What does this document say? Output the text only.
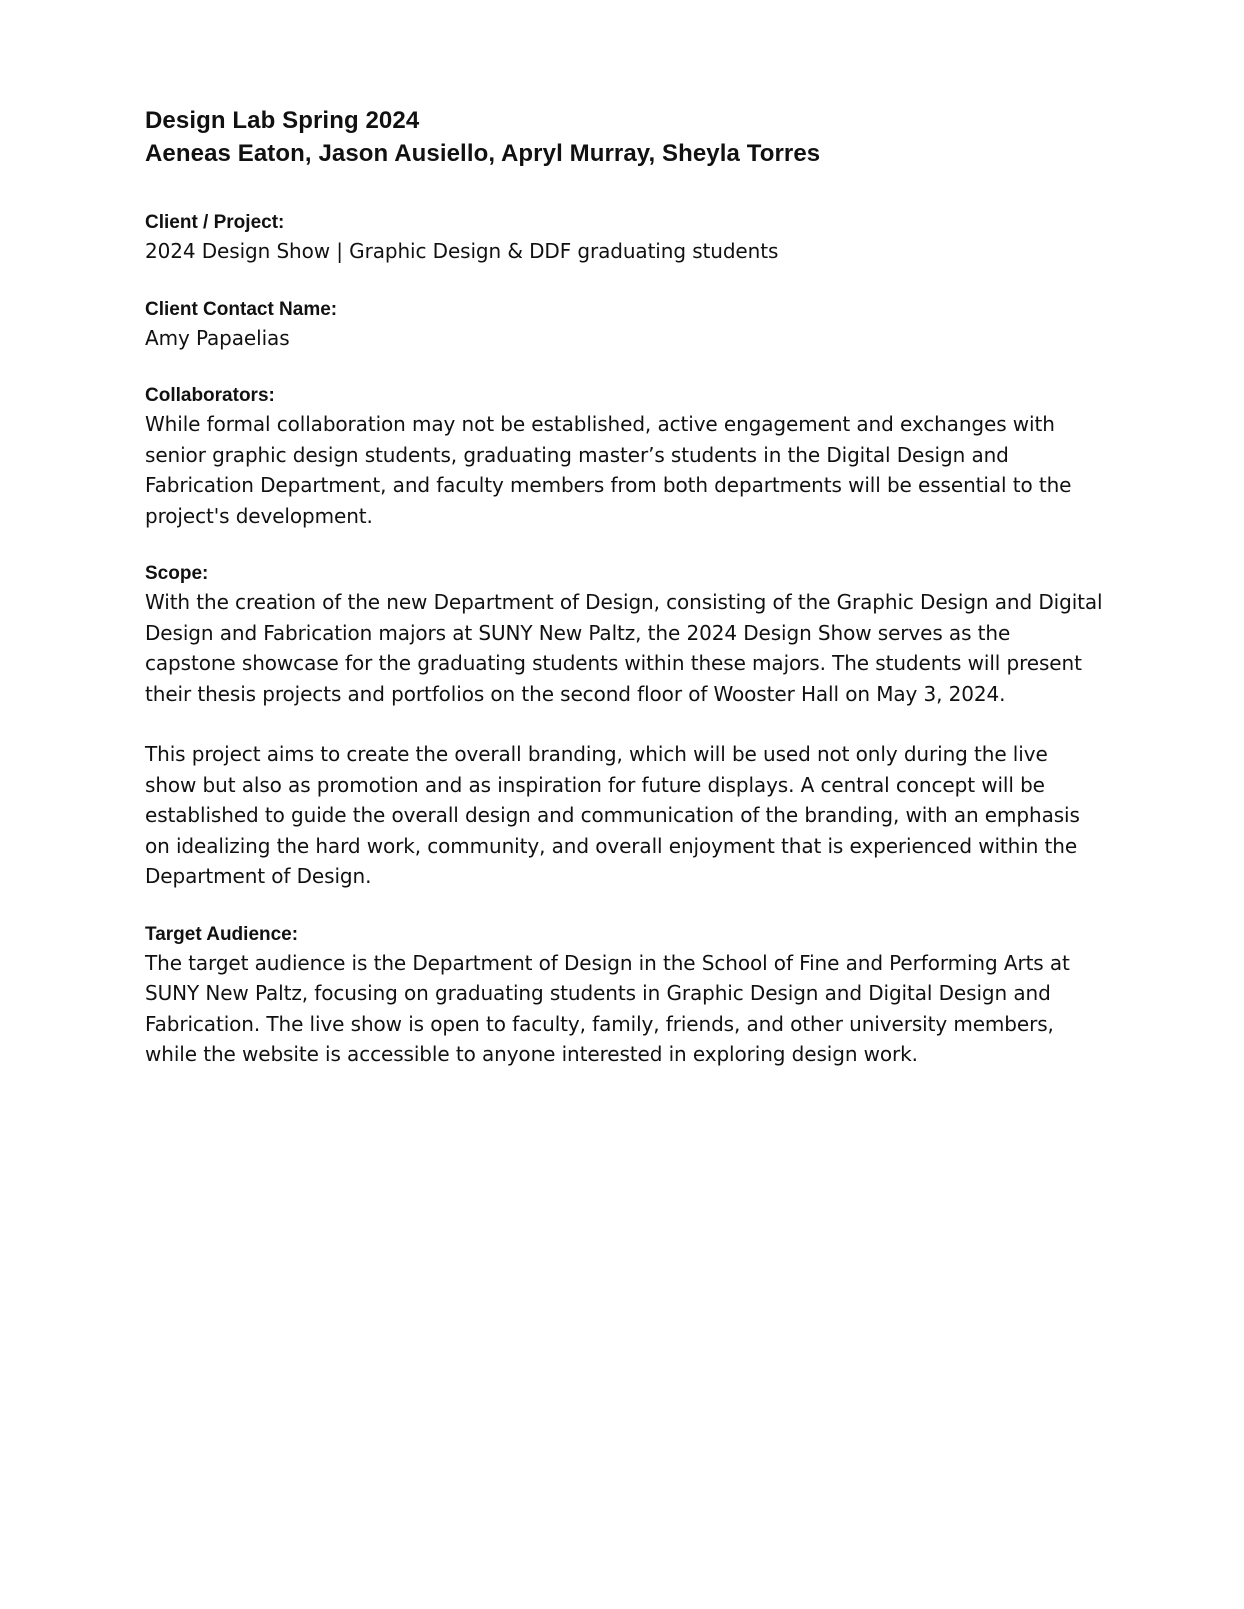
Design Lab Spring 2024
Aeneas Eaton, Jason Ausiello, Apryl Murray, Sheyla Torres

Client / Project:

2024 Design Show | Graphic Design & DDF graduating students

Client Contact Name:

Amy Papaelias

Collaborators:

While formal collaboration may not be established, active engagement and exchanges with senior graphic design students, graduating master’s students in the Digital Design and Fabrication Department, and faculty members from both departments will be essential to the project's development.

Scope:

With the creation of the new Department of Design, consisting of the Graphic Design and Digital Design and Fabrication majors at SUNY New Paltz, the 2024 Design Show serves as the capstone showcase for the graduating students within these majors. The students will present their thesis projects and portfolios on the second floor of Wooster Hall on May 3, 2024.

This project aims to create the overall branding, which will be used not only during the live show but also as promotion and as inspiration for future displays. A central concept will be established to guide the overall design and communication of the branding, with an emphasis on idealizing the hard work, community, and overall enjoyment that is experienced within the Department of Design.

Target Audience:

The target audience is the Department of Design in the School of Fine and Performing Arts at SUNY New Paltz, focusing on graduating students in Graphic Design and Digital Design and Fabrication. The live show is open to faculty, family, friends, and other university members, while the website is accessible to anyone interested in exploring design work.
